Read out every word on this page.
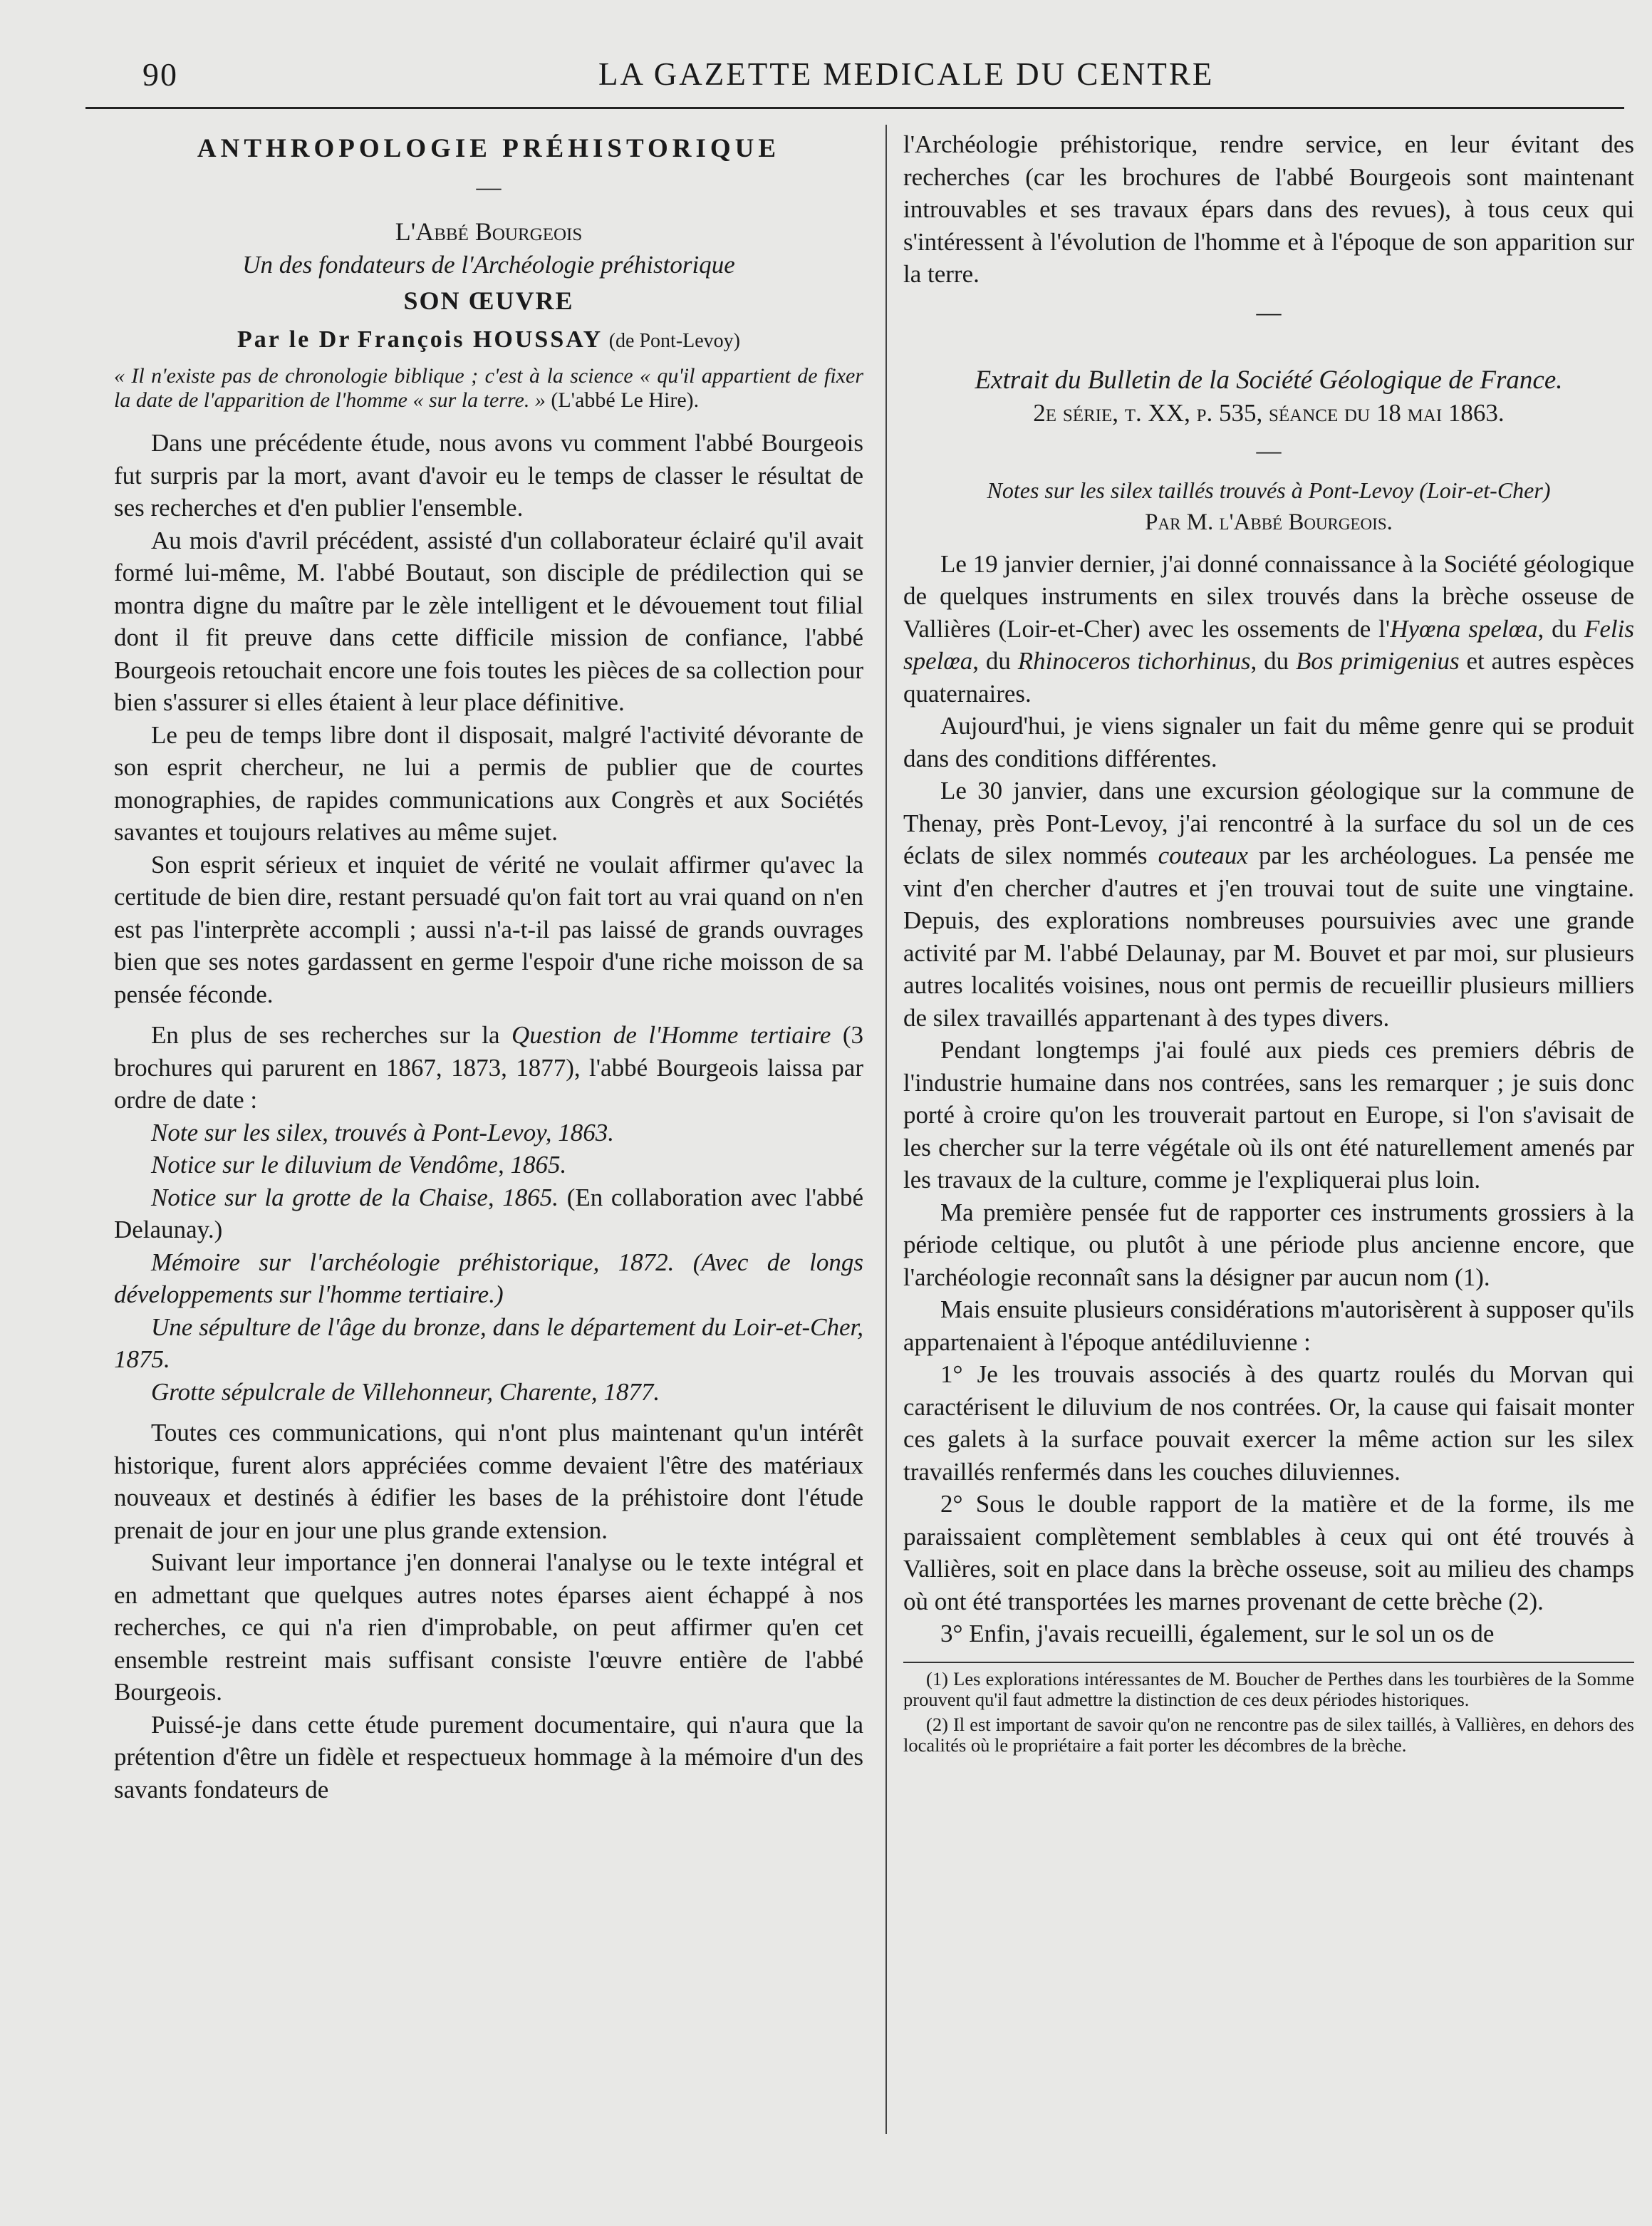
90	LA GAZETTE MEDICALE DU CENTRE

ANTHROPOLOGIE PRÉHISTORIQUE

—

L'Abbé Bourgeois

Un des fondateurs de l'Archéologie préhistorique

SON ŒUVRE

Par le Dr François HOUSSAY (de Pont-Levoy)

« Il n'existe pas de chronologie biblique ; c'est à la science « qu'il appartient de fixer la date de l'apparition de l'homme « sur la terre. » (L'abbé Le Hire).

Dans une précédente étude, nous avons vu comment l'abbé Bourgeois fut surpris par la mort, avant d'avoir eu le temps de classer le résultat de ses recherches et d'en publier l'ensemble.

Au mois d'avril précédent, assisté d'un collaborateur éclairé qu'il avait formé lui-même, M. l'abbé Boutaut, son disciple de prédilection qui se montra digne du maître par le zèle intelligent et le dévouement tout filial dont il fit preuve dans cette difficile mission de confiance, l'abbé Bourgeois retouchait encore une fois toutes les pièces de sa collection pour bien s'assurer si elles étaient à leur place définitive.

Le peu de temps libre dont il disposait, malgré l'activité dévorante de son esprit chercheur, ne lui a permis de publier que de courtes monographies, de rapides communications aux Congrès et aux Sociétés savantes et toujours relatives au même sujet.

Son esprit sérieux et inquiet de vérité ne voulait affirmer qu'avec la certitude de bien dire, restant persuadé qu'on fait tort au vrai quand on n'en est pas l'interprète accompli ; aussi n'a-t-il pas laissé de grands ouvrages bien que ses notes gardassent en germe l'espoir d'une riche moisson de sa pensée féconde.

En plus de ses recherches sur la Question de l'Homme tertiaire (3 brochures qui parurent en 1867, 1873, 1877), l'abbé Bourgeois laissa par ordre de date :

Note sur les silex, trouvés à Pont-Levoy, 1863.

Notice sur le diluvium de Vendôme, 1865.

Notice sur la grotte de la Chaise, 1865. (En collaboration avec l'abbé Delaunay.)

Mémoire sur l'archéologie préhistorique, 1872. (Avec de longs développements sur l'homme tertiaire.)

Une sépulture de l'âge du bronze, dans le département du Loir-et-Cher, 1875.

Grotte sépulcrale de Villehonneur, Charente, 1877.

Toutes ces communications, qui n'ont plus maintenant qu'un intérêt historique, furent alors appréciées comme devaient l'être des matériaux nouveaux et destinés à édifier les bases de la préhistoire dont l'étude prenait de jour en jour une plus grande extension.

Suivant leur importance j'en donnerai l'analyse ou le texte intégral et en admettant que quelques autres notes éparses aient échappé à nos recherches, ce qui n'a rien d'improbable, on peut affirmer qu'en cet ensemble restreint mais suffisant consiste l'œuvre entière de l'abbé Bourgeois.

Puissé-je dans cette étude purement documentaire, qui n'aura que la prétention d'être un fidèle et respectueux hommage à la mémoire d'un des savants fondateurs de

l'Archéologie préhistorique, rendre service, en leur évitant des recherches (car les brochures de l'abbé Bourgeois sont maintenant introuvables et ses travaux épars dans des revues), à tous ceux qui s'intéressent à l'évolution de l'homme et à l'époque de son apparition sur la terre.

—

Extrait du Bulletin de la Société Géologique de France.

2e série, t. XX, p. 535, séance du 18 mai 1863.

—

Notes sur les silex taillés trouvés à Pont-Levoy (Loir-et-Cher)

Par M. l'Abbé Bourgeois.

Le 19 janvier dernier, j'ai donné connaissance à la Société géologique de quelques instruments en silex trouvés dans la brèche osseuse de Vallières (Loir-et-Cher) avec les ossements de l'Hyœna spelœa, du Felis spelœa, du Rhinoceros tichorhinus, du Bos primigenius et autres espèces quaternaires.

Aujourd'hui, je viens signaler un fait du même genre qui se produit dans des conditions différentes.

Le 30 janvier, dans une excursion géologique sur la commune de Thenay, près Pont-Levoy, j'ai rencontré à la surface du sol un de ces éclats de silex nommés couteaux par les archéologues. La pensée me vint d'en chercher d'autres et j'en trouvai tout de suite une vingtaine. Depuis, des explorations nombreuses poursuivies avec une grande activité par M. l'abbé Delaunay, par M. Bouvet et par moi, sur plusieurs autres localités voisines, nous ont permis de recueillir plusieurs milliers de silex travaillés appartenant à des types divers.

Pendant longtemps j'ai foulé aux pieds ces premiers débris de l'industrie humaine dans nos contrées, sans les remarquer ; je suis donc porté à croire qu'on les trouverait partout en Europe, si l'on s'avisait de les chercher sur la terre végétale où ils ont été naturellement amenés par les travaux de la culture, comme je l'expliquerai plus loin.

Ma première pensée fut de rapporter ces instruments grossiers à la période celtique, ou plutôt à une période plus ancienne encore, que l'archéologie reconnaît sans la désigner par aucun nom (1).

Mais ensuite plusieurs considérations m'autorisèrent à supposer qu'ils appartenaient à l'époque antédiluvienne :

1° Je les trouvais associés à des quartz roulés du Morvan qui caractérisent le diluvium de nos contrées. Or, la cause qui faisait monter ces galets à la surface pouvait exercer la même action sur les silex travaillés renfermés dans les couches diluviennes.

2° Sous le double rapport de la matière et de la forme, ils me paraissaient complètement semblables à ceux qui ont été trouvés à Vallières, soit en place dans la brèche osseuse, soit au milieu des champs où ont été transportées les marnes provenant de cette brèche (2).

3° Enfin, j'avais recueilli, également, sur le sol un os de

(1) Les explorations intéressantes de M. Boucher de Perthes dans les tourbières de la Somme prouvent qu'il faut admettre la distinction de ces deux périodes historiques.

(2) Il est important de savoir qu'on ne rencontre pas de silex taillés, à Vallières, en dehors des localités où le propriétaire a fait porter les décombres de la brèche.
